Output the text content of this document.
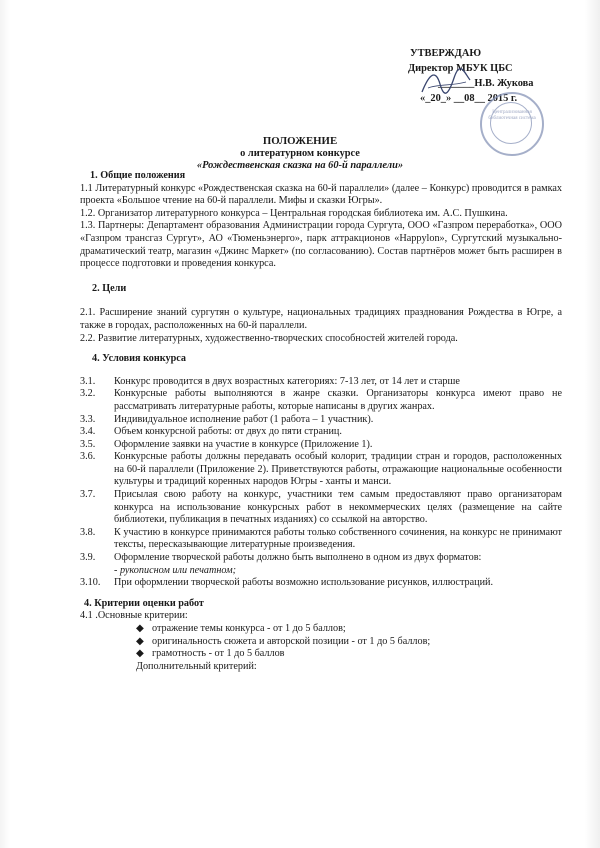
УТВЕРЖДАЮ
Директор МБУК ЦБС
_______Н.В. Жукова
«_20_» __08__ 2015 г.
Централизованная библиотечная система
ПОЛОЖЕНИЕ
о литературном конкурсе
«Рождественская сказка на 60-й параллели»
1. Общие положения
1.1 Литературный конкурс «Рождественская сказка на 60-й параллели» (далее – Конкурс) проводится в рамках проекта «Большое чтение на 60-й параллели. Мифы и сказки Югры».
1.2. Организатор литературного конкурса – Центральная городская библиотека им. А.С. Пушкина.
1.3. Партнеры: Департамент образования Администрации города Сургута, ООО «Газпром переработка», ООО «Газпром трансгаз Сургут», АО «Тюменьэнерго», парк аттракционов «Happylon», Сургутский музыкально-драматический театр, магазин «Джинс Маркет» (по согласованию). Состав партнёров может быть расширен в процессе подготовки и проведения конкурса.
2. Цели
2.1. Расширение знаний сургутян о культуре, национальных традициях празднования Рождества в Югре, а также в городах, расположенных на 60-й параллели.
2.2. Развитие литературных, художественно-творческих способностей жителей города.
4. Условия конкурса
3.1.	Конкурс проводится в двух возрастных категориях: 7-13 лет, от 14 лет и старше
3.2.	Конкурсные работы выполняются в жанре сказки. Организаторы конкурса имеют право не рассматривать литературные работы, которые написаны в других жанрах.
3.3.	Индивидуальное исполнение работ (1 работа – 1 участник).
3.4.	Объем конкурсной работы: от двух до пяти страниц.
3.5.	Оформление заявки на участие в конкурсе (Приложение 1).
3.6.	Конкурсные работы должны передавать особый колорит, традиции стран и городов, расположенных на 60-й параллели (Приложение 2). Приветствуются работы, отражающие национальные особенности культуры и традиций коренных народов Югры - ханты и манси.
3.7.	Присылая свою работу на конкурс, участники тем самым предоставляют право организаторам конкурса на использование конкурсных работ в некоммерческих целях (размещение на сайте библиотеки, публикация в печатных изданиях) со ссылкой на авторство.
3.8.	К участию в конкурсе принимаются работы только собственного сочинения, на конкурс не принимают тексты, пересказывающие литературные произведения.
3.9.	Оформление творческой работы должно быть выполнено в одном из двух форматов:
- рукописном или печатном;
3.10.	При оформлении творческой работы возможно использование рисунков, иллюстраций.
4. Критерии оценки работ
4.1 .Основные критерии:
◆ отражение темы конкурса - от 1 до 5 баллов;
◆ оригинальность сюжета и авторской позиции - от 1 до 5 баллов;
◆ грамотность - от 1 до 5 баллов
Дополнительный критерий:
